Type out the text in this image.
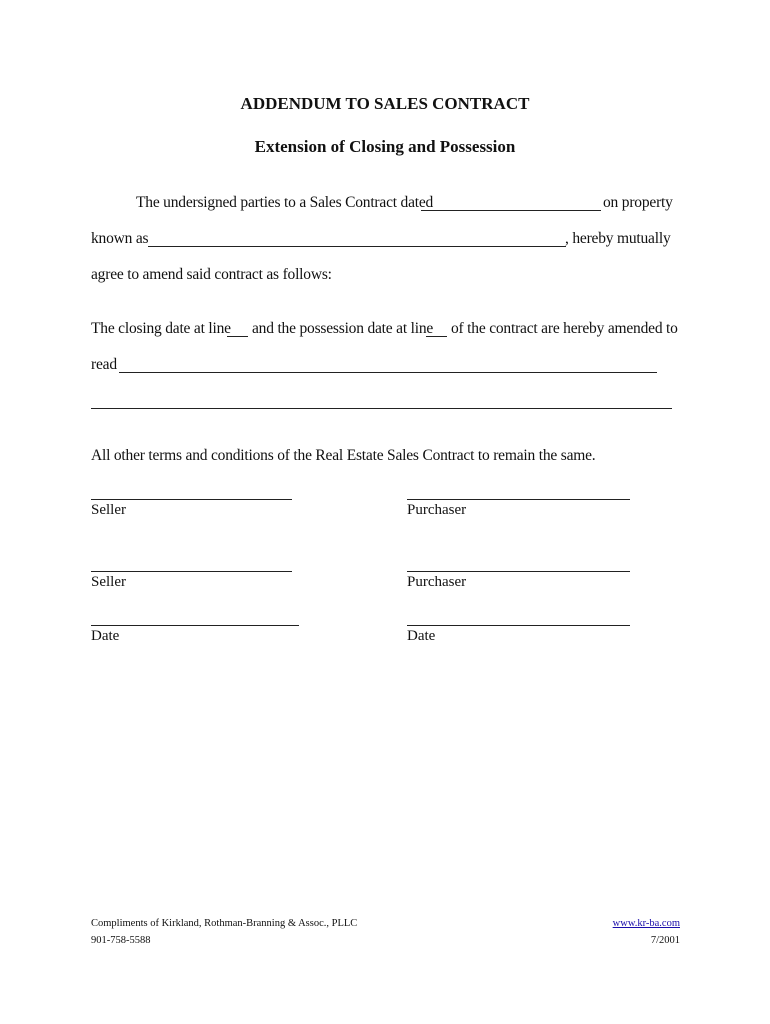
ADDENDUM TO SALES CONTRACT
Extension of Closing and Possession
The undersigned parties to a Sales Contract dated	on property
known as	, hereby mutually
agree to amend said contract as follows:
The closing date at line and the possession date at line of the contract are hereby amended to
read
All other terms and conditions of the Real Estate Sales Contract to remain the same.
Seller	Purchaser
Seller	Purchaser
Date	Date
Compliments of Kirkland, Rothman-Branning & Assoc., PLLC
901-758-5588
www.kr-ba.com
7/2001
